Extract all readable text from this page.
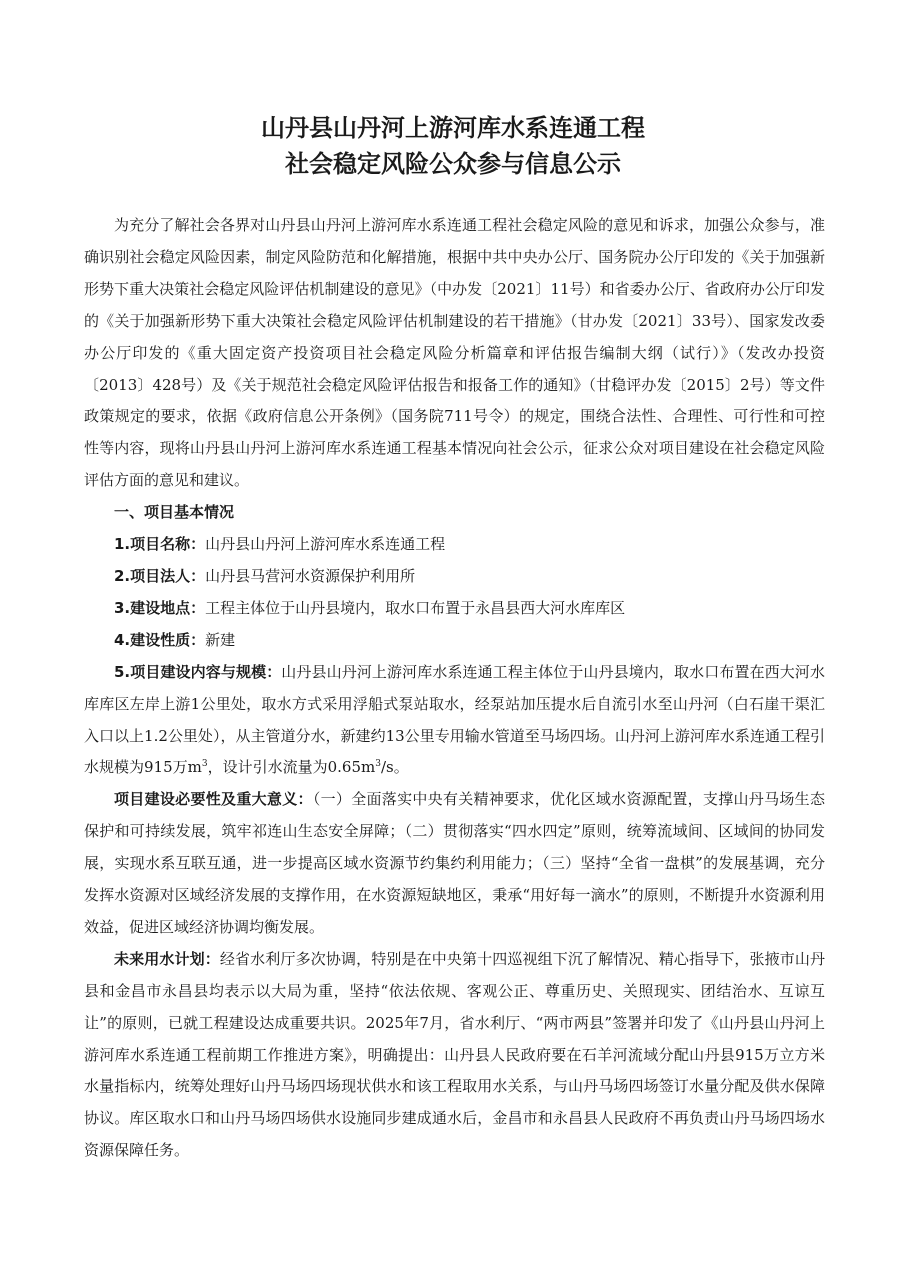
山丹县山丹河上游河库水系连通工程
社会稳定风险公众参与信息公示

为充分了解社会各界对山丹县山丹河上游河库水系连通工程社会稳定风险的意见和诉求，加强公众参与，准确识别社会稳定风险因素，制定风险防范和化解措施，根据中共中央办公厅、国务院办公厅印发的《关于加强新形势下重大决策社会稳定风险评估机制建设的意见》（中办发〔2021〕11号）和省委办公厅、省政府办公厅印发的《关于加强新形势下重大决策社会稳定风险评估机制建设的若干措施》（甘办发〔2021〕33号）、国家发改委办公厅印发的《重大固定资产投资项目社会稳定风险分析篇章和评估报告编制大纲（试行）》（发改办投资〔2013〕428号）及《关于规范社会稳定风险评估报告和报备工作的通知》（甘稳评办发〔2015〕2号）等文件政策规定的要求，依据《政府信息公开条例》（国务院711号令）的规定，围绕合法性、合理性、可行性和可控性等内容，现将山丹县山丹河上游河库水系连通工程基本情况向社会公示，征求公众对项目建设在社会稳定风险评估方面的意见和建议。

一、项目基本情况

1.项目名称：山丹县山丹河上游河库水系连通工程

2.项目法人：山丹县马营河水资源保护利用所

3.建设地点：工程主体位于山丹县境内，取水口布置于永昌县西大河水库库区

4.建设性质：新建

5.项目建设内容与规模：山丹县山丹河上游河库水系连通工程主体位于山丹县境内，取水口布置在西大河水库库区左岸上游1公里处，取水方式采用浮船式泵站取水，经泵站加压提水后自流引水至山丹河（白石崖干渠汇入口以上1.2公里处），从主管道分水，新建约13公里专用输水管道至马场四场。山丹河上游河库水系连通工程引水规模为915万$m^3$，设计引水流量为$0.65m^3/s$。

项目建设必要性及重大意义：（一）全面落实中央有关精神要求，优化区域水资源配置，支撑山丹马场生态保护和可持续发展，筑牢祁连山生态安全屏障；（二）贯彻落实“四水四定”原则，统筹流域间、区域间的协同发展，实现水系互联互通，进一步提高区域水资源节约集约利用能力；（三）坚持“全省一盘棋”的发展基调，充分发挥水资源对区域经济发展的支撑作用，在水资源短缺地区，秉承“用好每一滴水”的原则，不断提升水资源利用效益，促进区域经济协调均衡发展。

未来用水计划：经省水利厅多次协调，特别是在中央第十四巡视组下沉了解情况、精心指导下，张掖市山丹县和金昌市永昌县均表示以大局为重，坚持“依法依规、客观公正、尊重历史、关照现实、团结治水、互谅互让”的原则，已就工程建设达成重要共识。2025年7月，省水利厅、“两市两县”签署并印发了《山丹县山丹河上游河库水系连通工程前期工作推进方案》，明确提出：山丹县人民政府要在石羊河流域分配山丹县915万立方米水量指标内，统筹处理好山丹马场四场现状供水和该工程取用水关系，与山丹马场四场签订水量分配及供水保障协议。库区取水口和山丹马场四场供水设施同步建成通水后，金昌市和永昌县人民政府不再负责山丹马场四场水资源保障任务。
